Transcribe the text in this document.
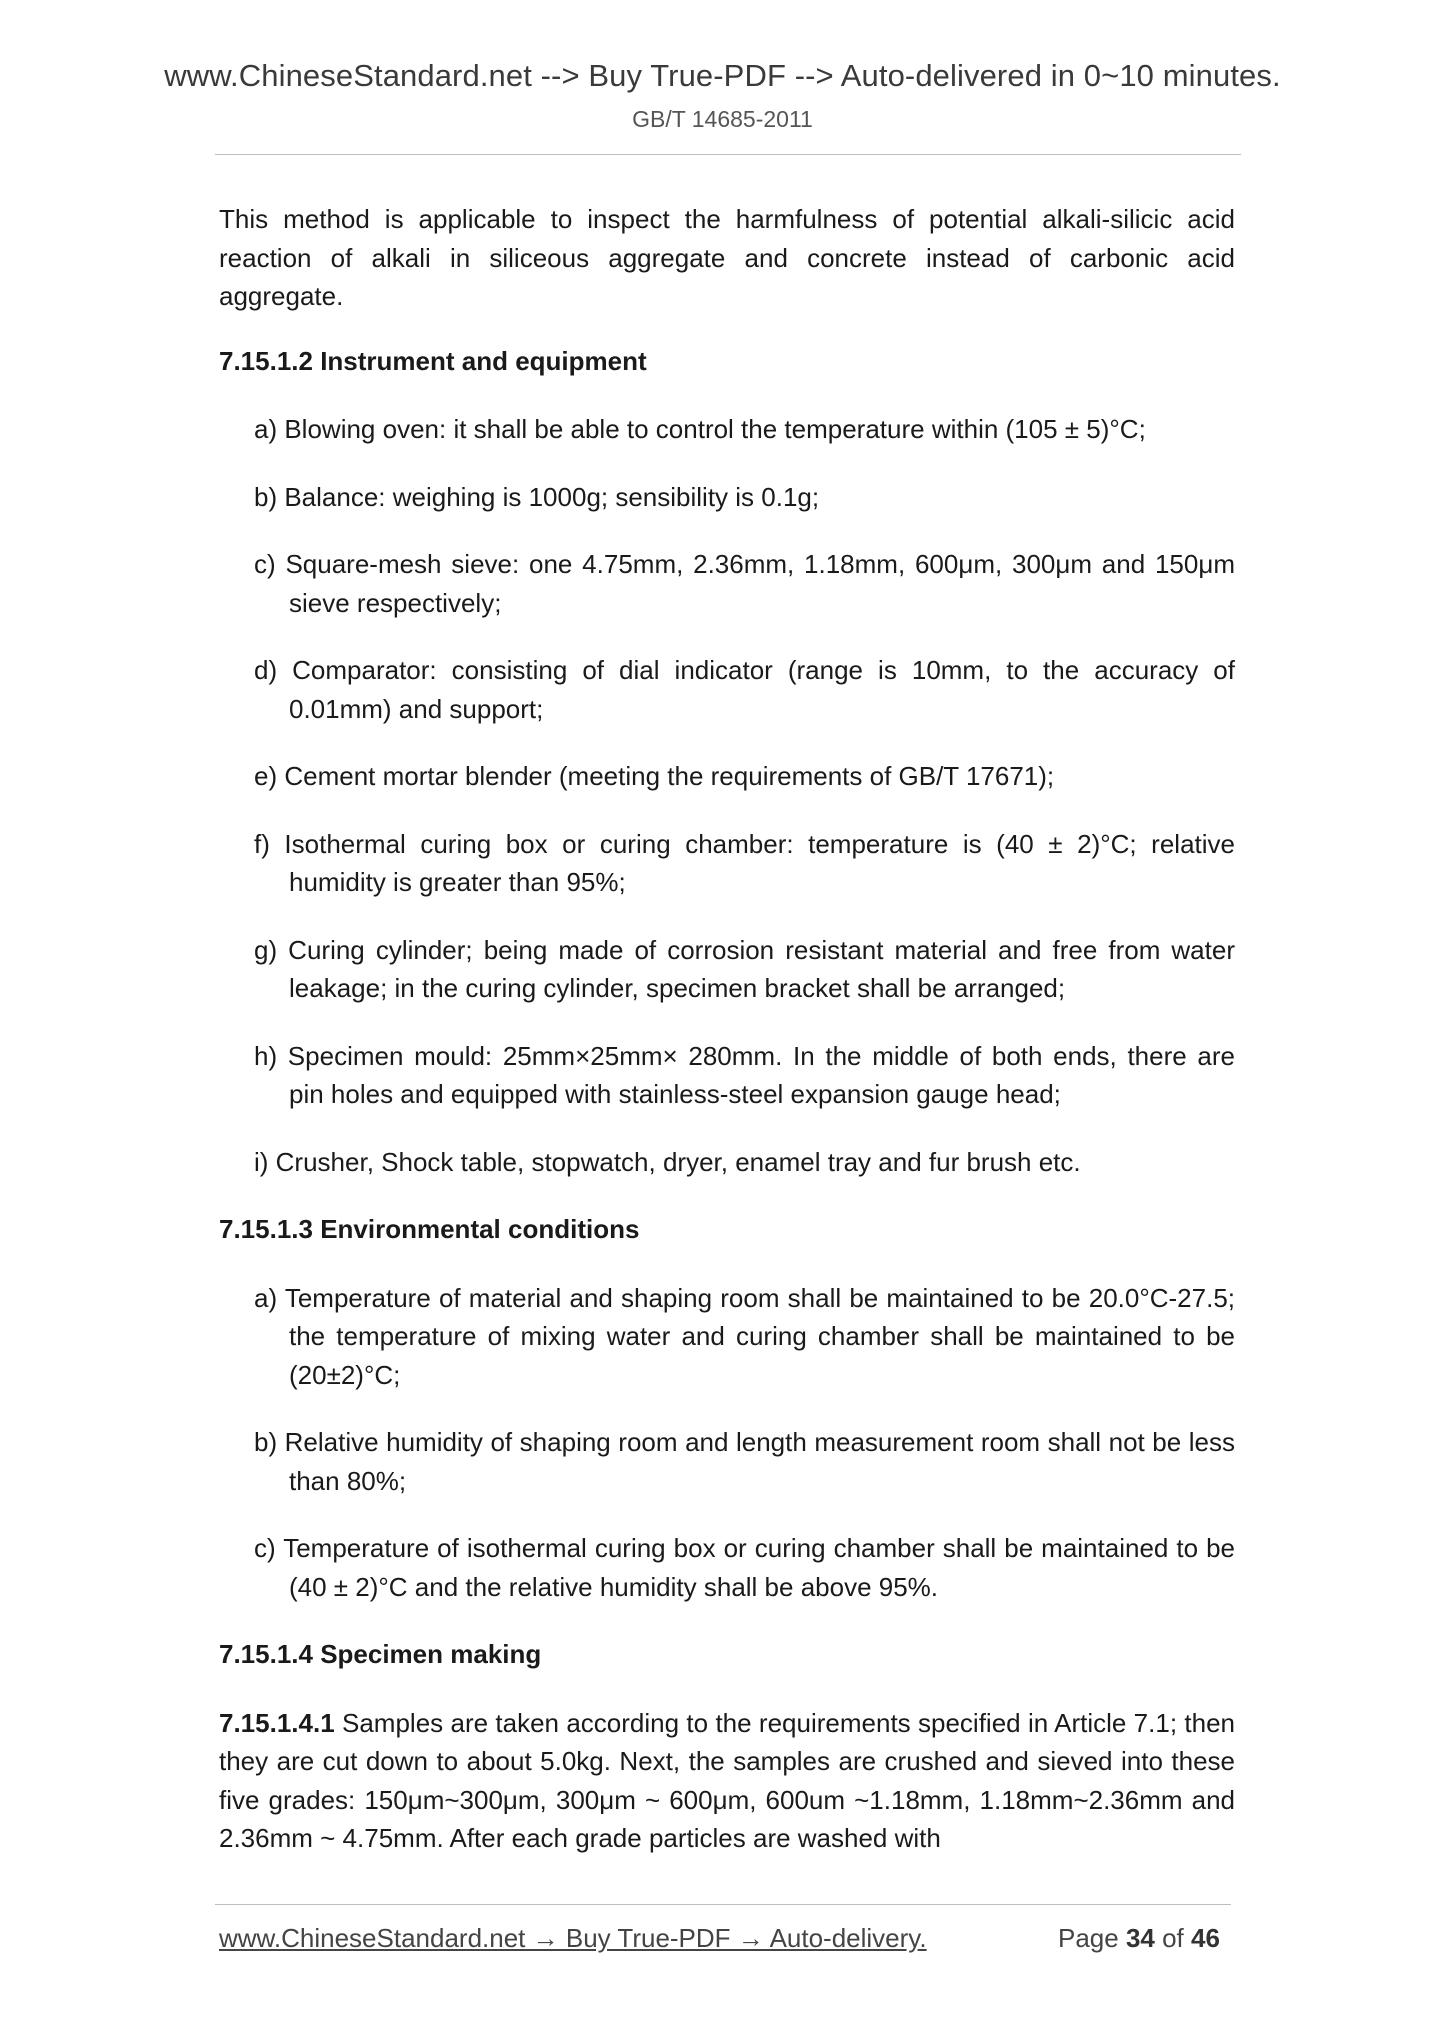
www.ChineseStandard.net --> Buy True-PDF --> Auto-delivered in 0~10 minutes.
GB/T 14685-2011

This method is applicable to inspect the harmfulness of potential alkali-silicic acid reaction of alkali in siliceous aggregate and concrete instead of carbonic acid aggregate.

7.15.1.2 Instrument and equipment
a) Blowing oven: it shall be able to control the temperature within (105 ± 5)°C;
b) Balance: weighing is 1000g; sensibility is 0.1g;
c) Square-mesh sieve: one 4.75mm, 2.36mm, 1.18mm, 600μm, 300μm and 150μm sieve respectively;
d) Comparator: consisting of dial indicator (range is 10mm, to the accuracy of 0.01mm) and support;
e) Cement mortar blender (meeting the requirements of GB/T 17671);
f) Isothermal curing box or curing chamber: temperature is (40 ± 2)°C; relative humidity is greater than 95%;
g) Curing cylinder; being made of corrosion resistant material and free from water leakage; in the curing cylinder, specimen bracket shall be arranged;
h) Specimen mould: 25mm×25mm× 280mm. In the middle of both ends, there are pin holes and equipped with stainless-steel expansion gauge head;
i) Crusher, Shock table, stopwatch, dryer, enamel tray and fur brush etc.
7.15.1.3 Environmental conditions
a) Temperature of material and shaping room shall be maintained to be 20.0°C-27.5; the temperature of mixing water and curing chamber shall be maintained to be (20±2)°C;
b) Relative humidity of shaping room and length measurement room shall not be less than 80%;
c) Temperature of isothermal curing box or curing chamber shall be maintained to be (40 ± 2)°C and the relative humidity shall be above 95%.
7.15.1.4 Specimen making

7.15.1.4.1 Samples are taken according to the requirements specified in Article 7.1; then they are cut down to about 5.0kg. Next, the samples are crushed and sieved into these five grades: 150μm~300μm, 300μm ~ 600μm, 600um ~1.18mm, 1.18mm~2.36mm and 2.36mm ~ 4.75mm. After each grade particles are washed with

www.ChineseStandard.net → Buy True-PDF → Auto-delivery.	Page 34 of 46
